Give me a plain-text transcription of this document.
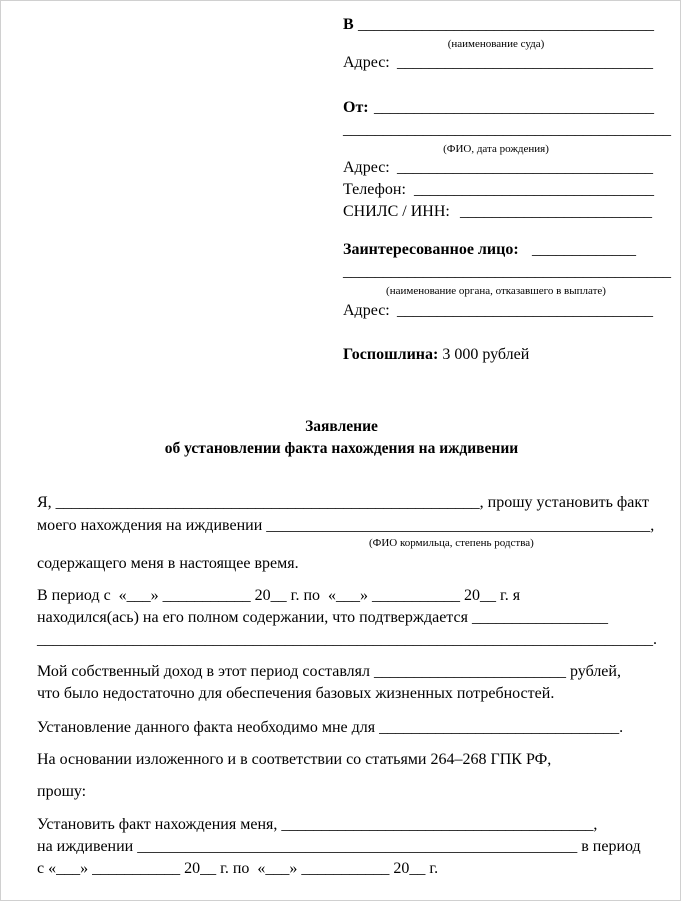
В _____________________________________
(наименование суда)
Адрес: ________________________________
От: ___________________________________
_________________________________________
(ФИО, дата рождения)
Адрес: ________________________________
Телефон: ______________________________
СНИЛС / ИНН: ________________________
Заинтересованное лицо: _____________
_________________________________________
(наименование органа, отказавшего в выплате)
Адрес: ________________________________
Госпошлина: 3 000 рублей
Заявление
об установлении факта нахождения на иждивении
Я, _____________________________________________________, прошу установить факт
моего нахождения на иждивении ________________________________________________,
(ФИО кормильца, степень родства)
содержащего меня в настоящее время.
В период с  «___» ___________ 20__ г. по  «___» ___________ 20__ г. я
находился(ась) на его полном содержании, что подтверждается _________________
_____________________________________________________________________________.
Мой собственный доход в этот период составлял ________________________ рублей,
что было недостаточно для обеспечения базовых жизненных потребностей.
Установление данного факта необходимо мне для ______________________________.
На основании изложенного и в соответствии со статьями 264–268 ГПК РФ,
прошу:
Установить факт нахождения меня, _______________________________________,
на иждивении _______________________________________________________ в период
с «___» ___________ 20__ г. по  «___» ___________ 20__ г.
